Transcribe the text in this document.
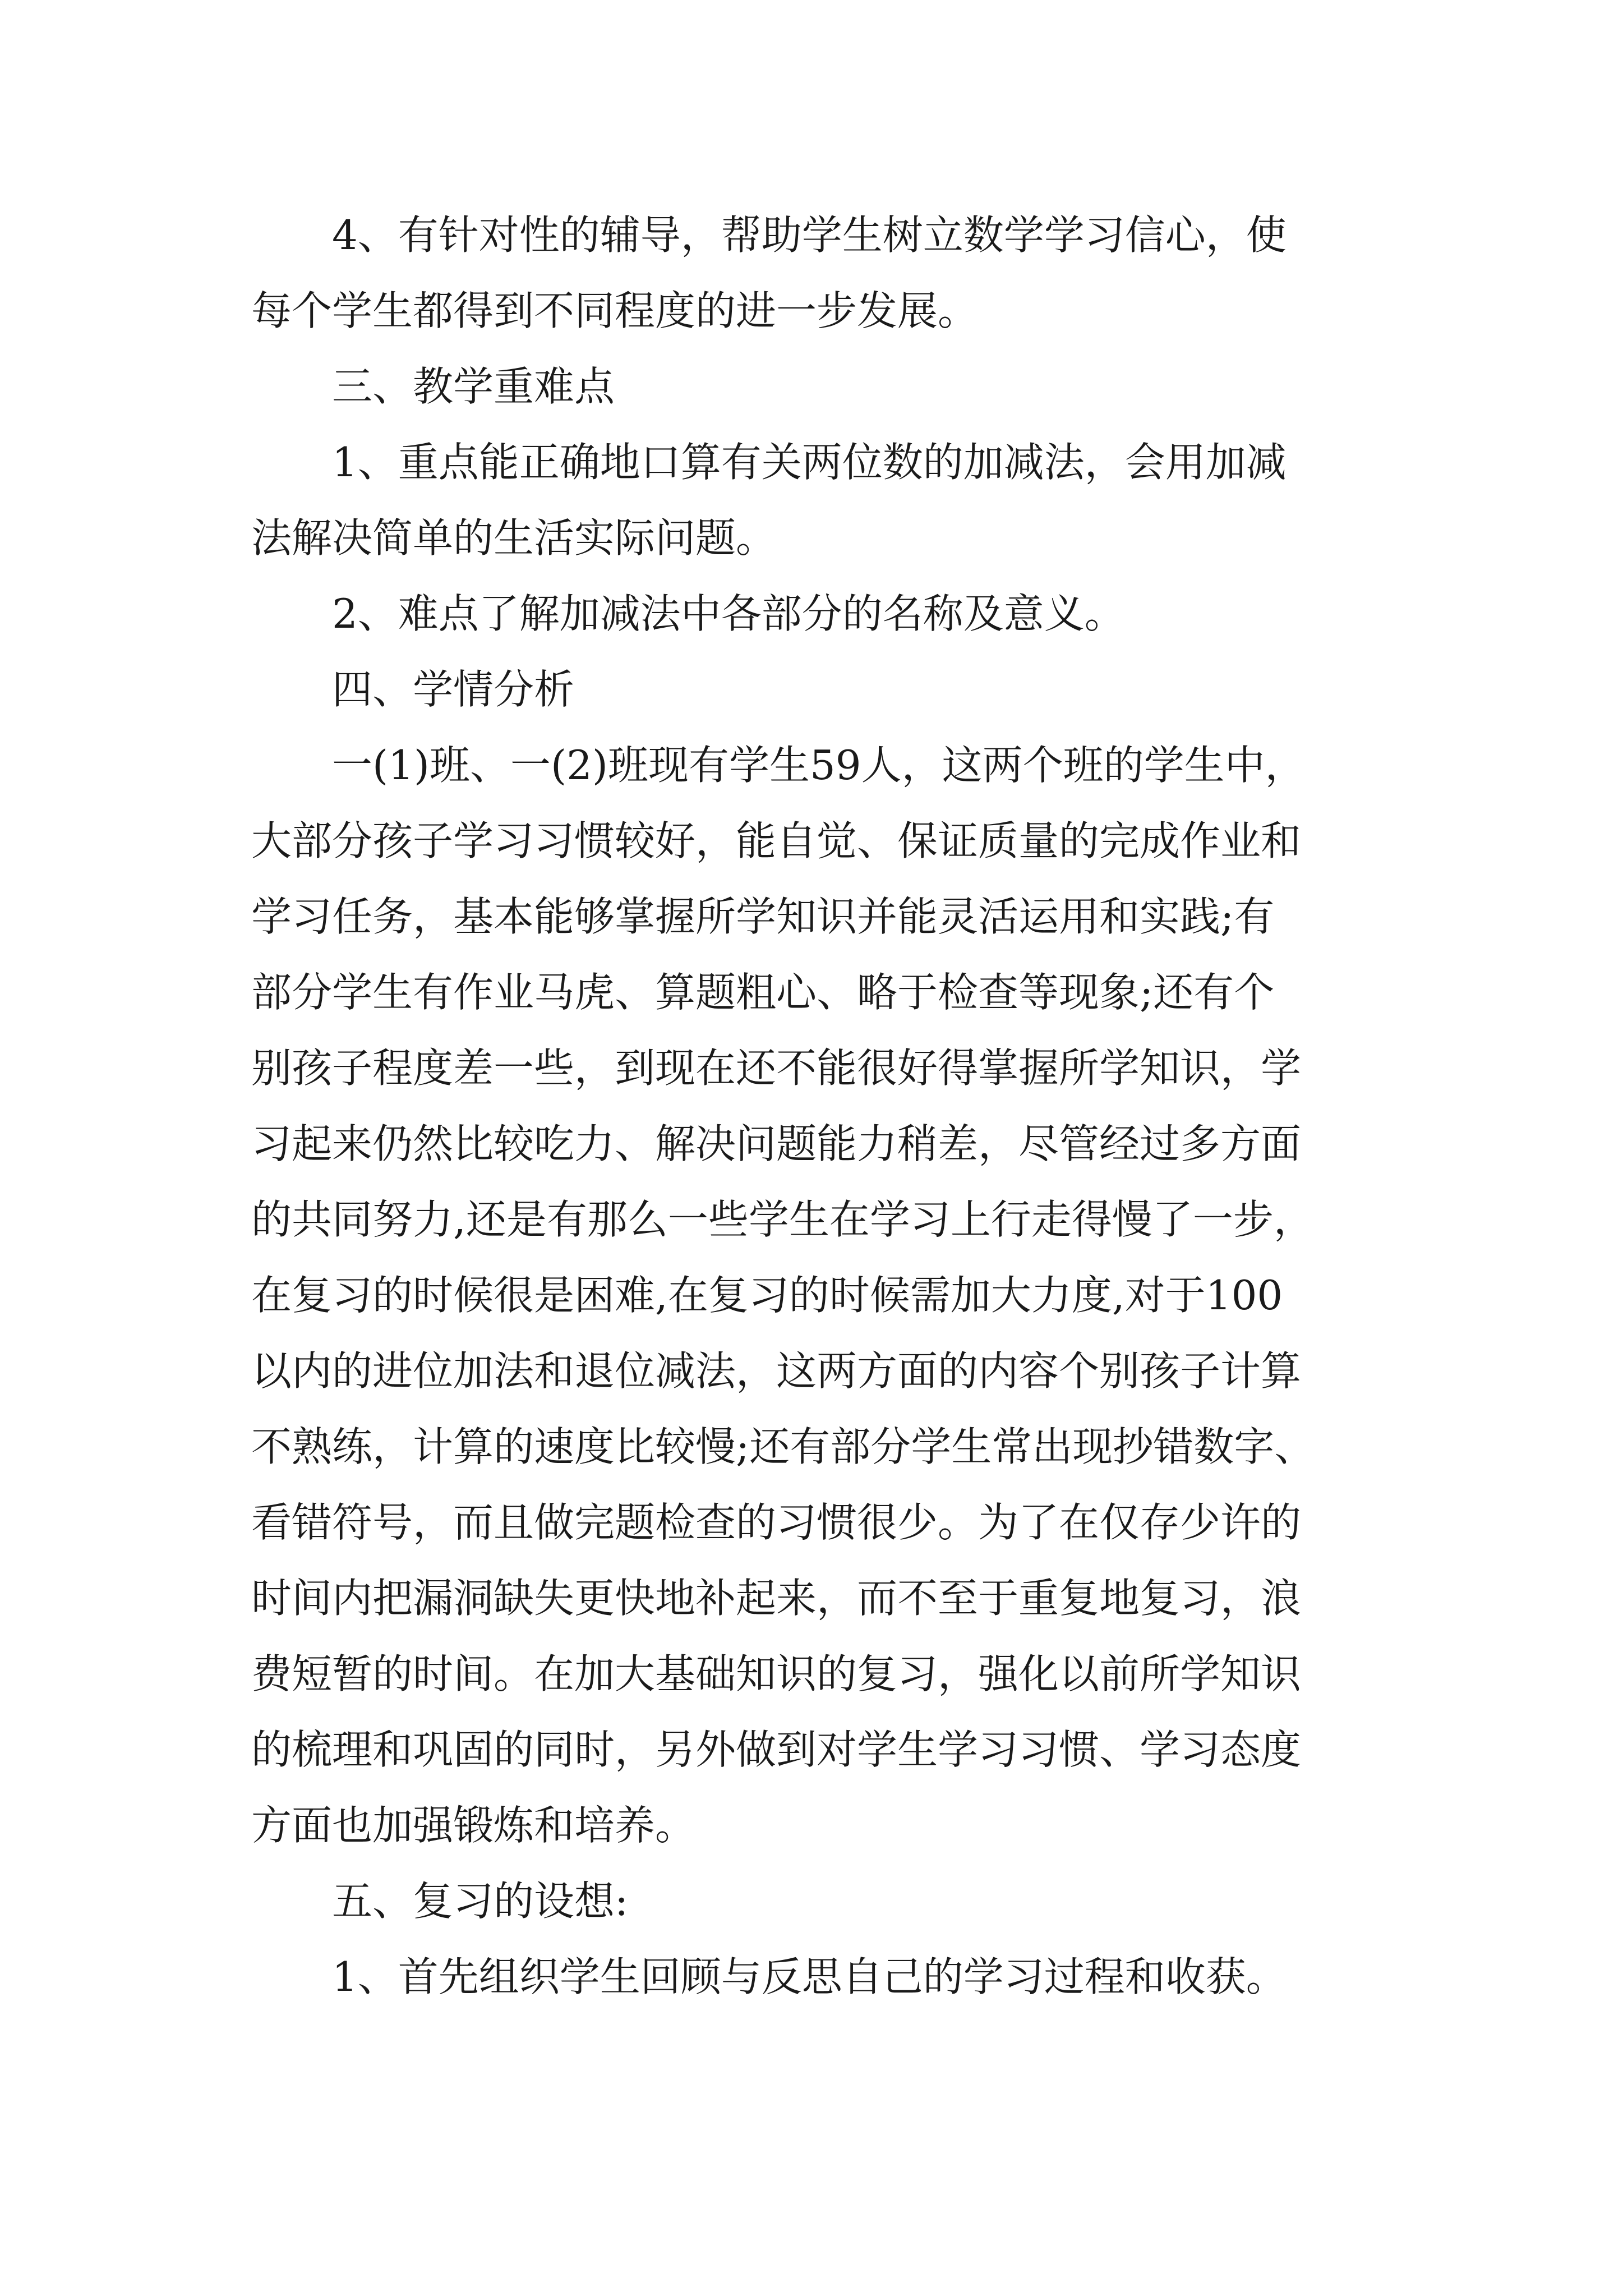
4、有针对性的辅导，帮助学生树立数学学习信心，使
每个学生都得到不同程度的进一步发展。
三、教学重难点
1、重点能正确地口算有关两位数的加减法，会用加减
法解决简单的生活实际问题。
2、难点了解加减法中各部分的名称及意义。
四、学情分析
一(1)班、一(2)班现有学生59人，这两个班的学生中，
大部分孩子学习习惯较好，能自觉、保证质量的完成作业和
学习任务，基本能够掌握所学知识并能灵活运用和实践;有
部分学生有作业马虎、算题粗心、略于检查等现象;还有个
别孩子程度差一些，到现在还不能很好得掌握所学知识，学
习起来仍然比较吃力、解决问题能力稍差，尽管经过多方面
的共同努力,还是有那么一些学生在学习上行走得慢了一步，
在复习的时候很是困难,在复习的时候需加大力度,对于100
以内的进位加法和退位减法，这两方面的内容个别孩子计算
不熟练，计算的速度比较慢;还有部分学生常出现抄错数字、
看错符号，而且做完题检查的习惯很少。为了在仅存少许的
时间内把漏洞缺失更快地补起来，而不至于重复地复习，浪
费短暂的时间。在加大基础知识的复习，强化以前所学知识
的梳理和巩固的同时，另外做到对学生学习习惯、学习态度
方面也加强锻炼和培养。
五、复习的设想:
1、首先组织学生回顾与反思自己的学习过程和收获。
